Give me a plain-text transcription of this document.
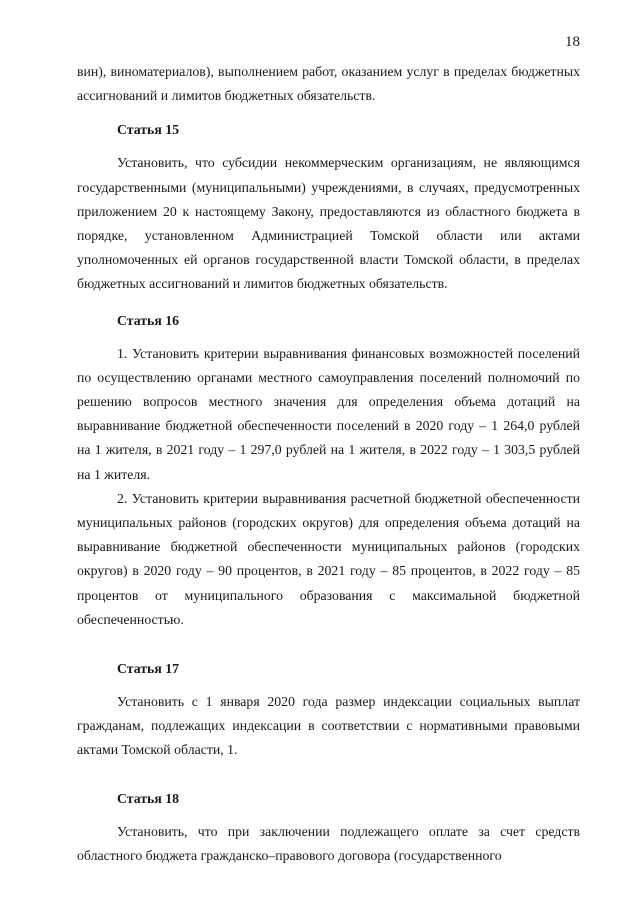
18

вин), виноматериалов), выполнением работ, оказанием услуг в пределах бюджетных ассигнований и лимитов бюджетных обязательств.

Статья 15

Установить, что субсидии некоммерческим организациям, не являющимся государственными (муниципальными) учреждениями, в случаях, предусмотренных приложением 20 к настоящему Закону, предоставляются из областного бюджета в порядке, установленном Администрацией Томской области или актами уполномоченных ей органов государственной власти Томской области, в пределах бюджетных ассигнований и лимитов бюджетных обязательств.

Статья 16

1. Установить критерии выравнивания финансовых возможностей поселений по осуществлению органами местного самоуправления поселений полномочий по решению вопросов местного значения для определения объема дотаций на выравнивание бюджетной обеспеченности поселений в 2020 году – 1 264,0 рублей на 1 жителя, в 2021 году – 1 297,0 рублей на 1 жителя, в 2022 году – 1 303,5 рублей на 1 жителя.

2. Установить критерии выравнивания расчетной бюджетной обеспеченности муниципальных районов (городских округов) для определения объема дотаций на выравнивание бюджетной обеспеченности муниципальных районов (городских округов) в 2020 году – 90 процентов, в 2021 году – 85 процентов, в 2022 году – 85 процентов от муниципального образования с максимальной бюджетной обеспеченностью.

Статья 17

Установить с 1 января 2020 года размер индексации социальных выплат гражданам, подлежащих индексации в соответствии с нормативными правовыми актами Томской области, 1.

Статья 18

Установить, что при заключении подлежащего оплате за счет средств областного бюджета гражданско–правового договора (государственного
